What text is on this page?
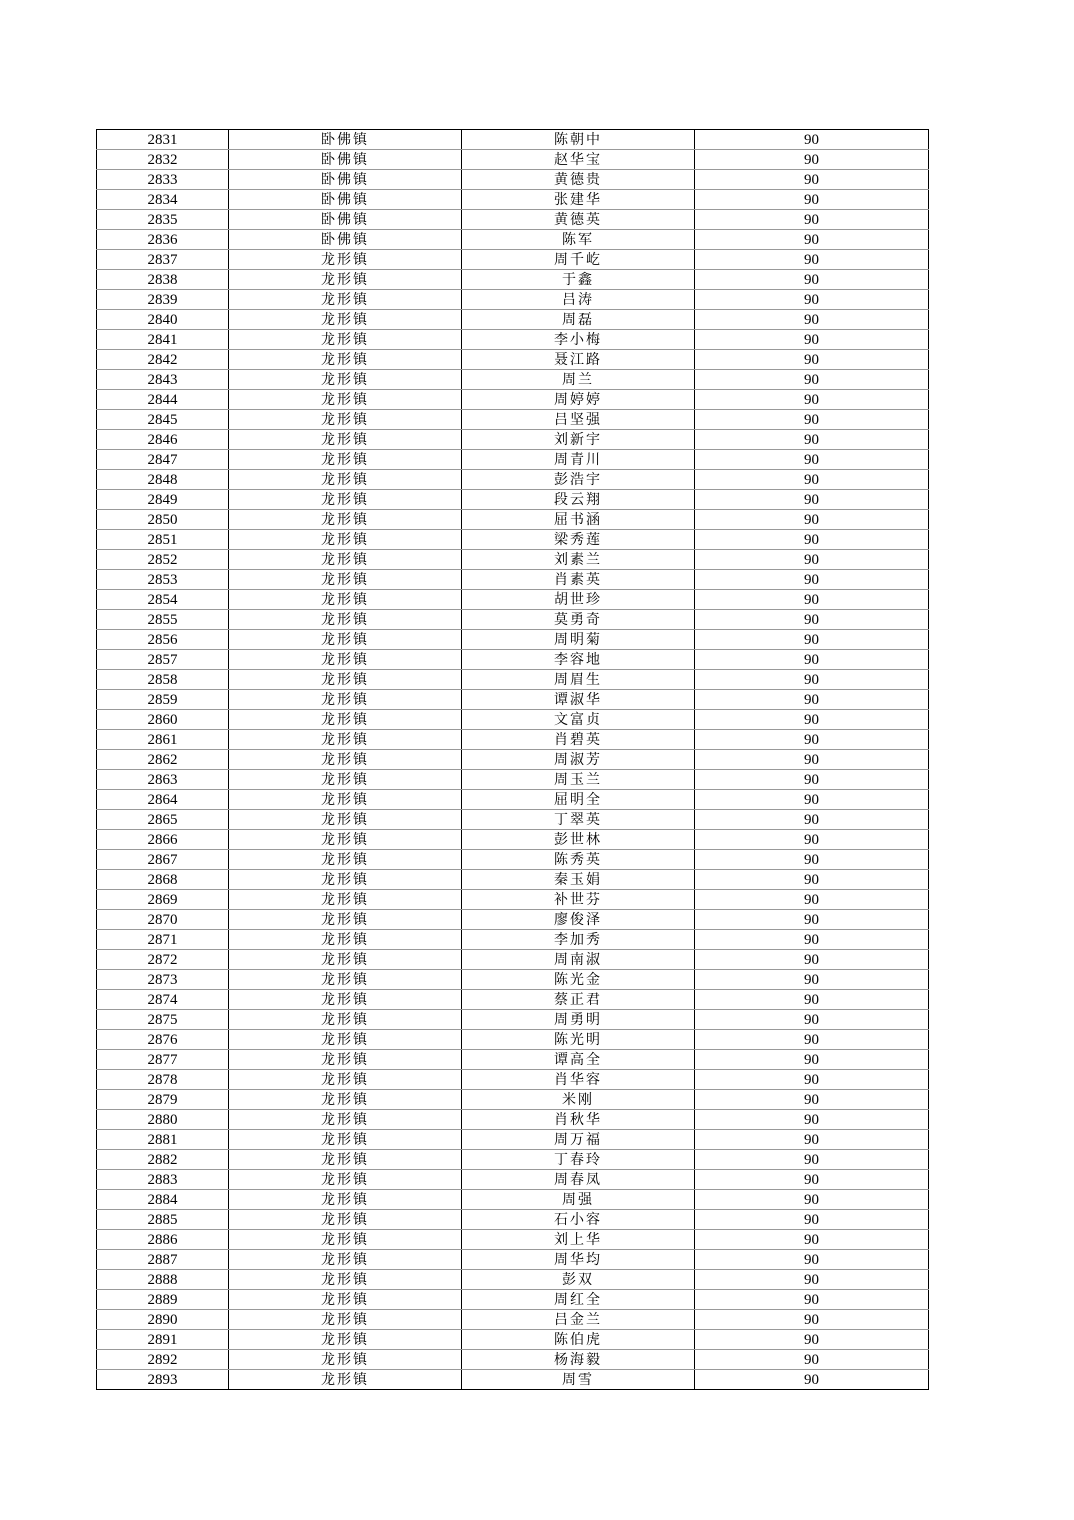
2831	卧佛镇	陈朝中	90
2832	卧佛镇	赵华宝	90
2833	卧佛镇	黄德贵	90
2834	卧佛镇	张建华	90
2835	卧佛镇	黄德英	90
2836	卧佛镇	陈军	90
2837	龙形镇	周千屹	90
2838	龙形镇	于鑫	90
2839	龙形镇	吕涛	90
2840	龙形镇	周磊	90
2841	龙形镇	李小梅	90
2842	龙形镇	聂江路	90
2843	龙形镇	周兰	90
2844	龙形镇	周婷婷	90
2845	龙形镇	吕坚强	90
2846	龙形镇	刘新宇	90
2847	龙形镇	周青川	90
2848	龙形镇	彭浩宇	90
2849	龙形镇	段云翔	90
2850	龙形镇	屈书涵	90
2851	龙形镇	梁秀莲	90
2852	龙形镇	刘素兰	90
2853	龙形镇	肖素英	90
2854	龙形镇	胡世珍	90
2855	龙形镇	莫勇奇	90
2856	龙形镇	周明菊	90
2857	龙形镇	李容地	90
2858	龙形镇	周眉生	90
2859	龙形镇	谭淑华	90
2860	龙形镇	文富贞	90
2861	龙形镇	肖碧英	90
2862	龙形镇	周淑芳	90
2863	龙形镇	周玉兰	90
2864	龙形镇	屈明全	90
2865	龙形镇	丁翠英	90
2866	龙形镇	彭世林	90
2867	龙形镇	陈秀英	90
2868	龙形镇	秦玉娟	90
2869	龙形镇	补世芬	90
2870	龙形镇	廖俊泽	90
2871	龙形镇	李加秀	90
2872	龙形镇	周南淑	90
2873	龙形镇	陈光金	90
2874	龙形镇	蔡正君	90
2875	龙形镇	周勇明	90
2876	龙形镇	陈光明	90
2877	龙形镇	谭高全	90
2878	龙形镇	肖华容	90
2879	龙形镇	米刚	90
2880	龙形镇	肖秋华	90
2881	龙形镇	周万福	90
2882	龙形镇	丁春玲	90
2883	龙形镇	周春凤	90
2884	龙形镇	周强	90
2885	龙形镇	石小容	90
2886	龙形镇	刘上华	90
2887	龙形镇	周华均	90
2888	龙形镇	彭双	90
2889	龙形镇	周红全	90
2890	龙形镇	吕金兰	90
2891	龙形镇	陈伯虎	90
2892	龙形镇	杨海毅	90
2893	龙形镇	周雪	90
